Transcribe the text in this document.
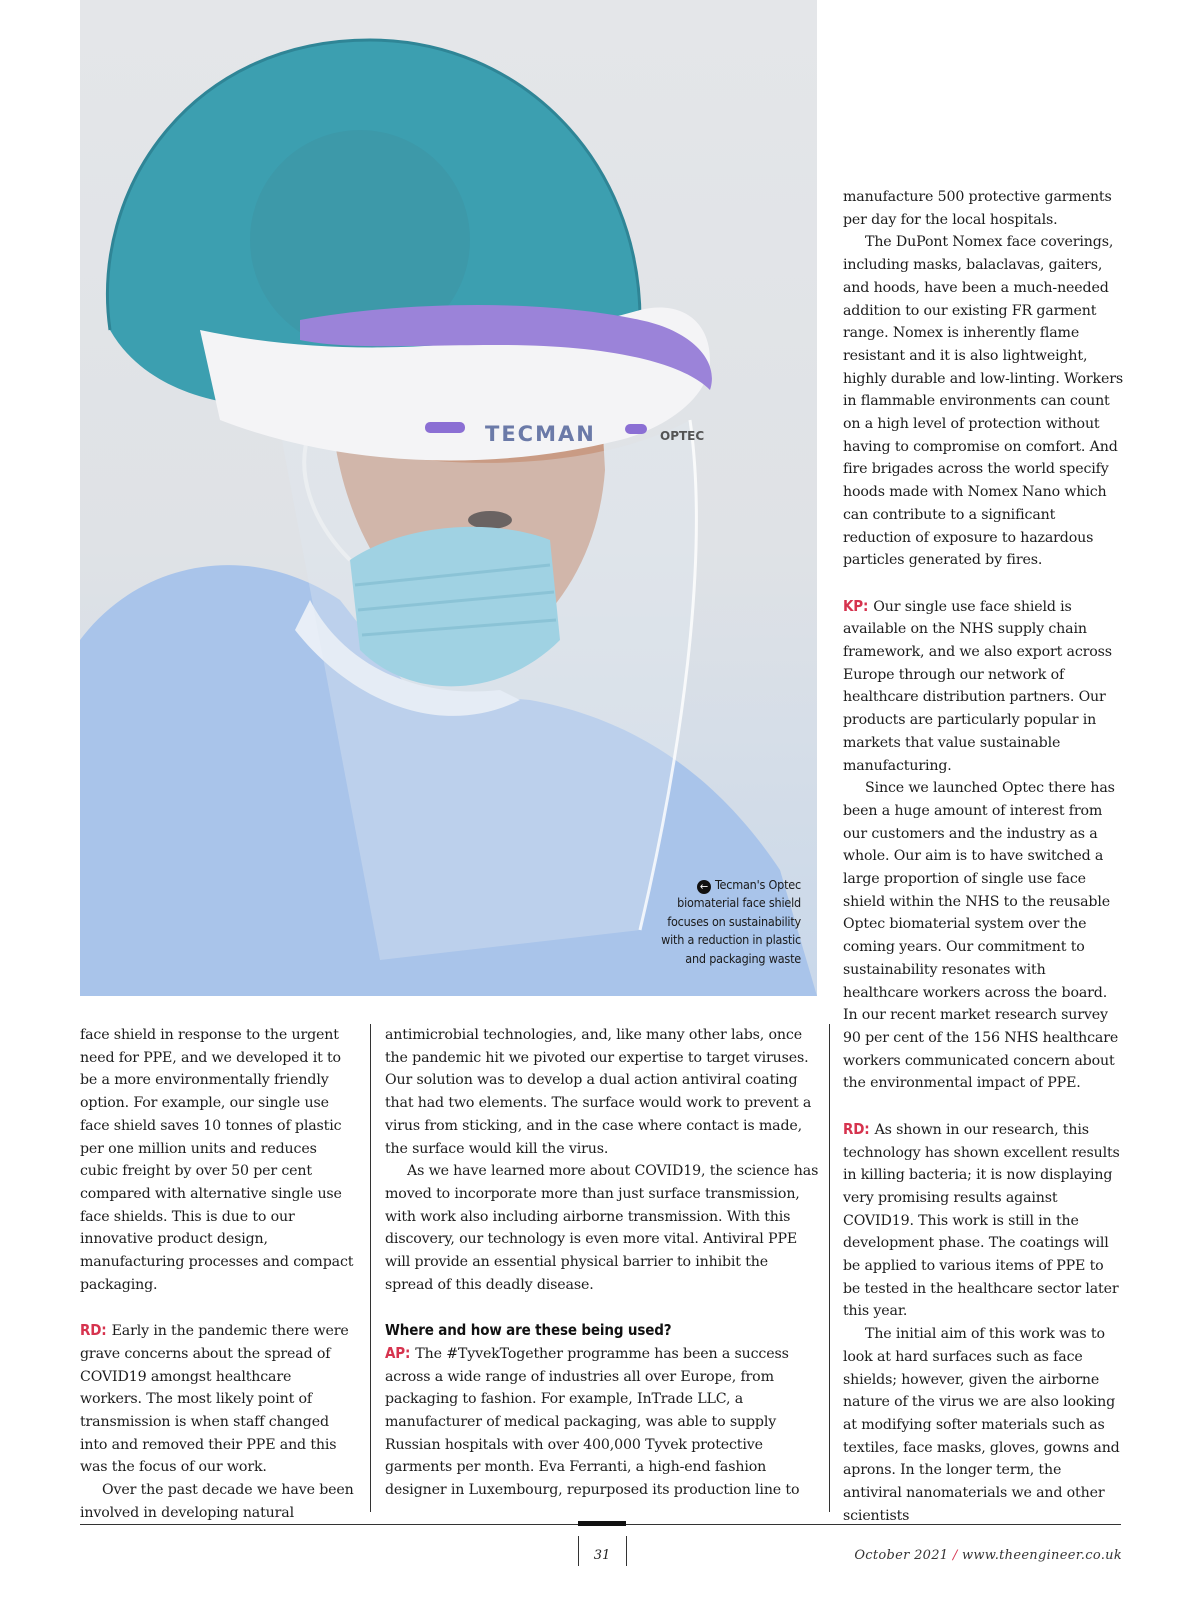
TECMAN	OPTEC
← Tecman's Optec
biomaterial face shield
focuses on sustainability
with a reduction in plastic
and packaging waste

face shield in response to the urgent need for PPE, and we developed it to be a more environmentally friendly option. For example, our single use face shield saves 10 tonnes of plastic per one million units and reduces cubic freight by over 50 per cent compared with alternative single use face shields. This is due to our innovative product design, manufacturing processes and compact packaging.

RD: Early in the pandemic there were grave concerns about the spread of COVID19 amongst healthcare workers. The most likely point of transmission is when staff changed into and removed their PPE and this was the focus of our work.

Over the past decade we have been involved in developing natural

antimicrobial technologies, and, like many other labs, once the pandemic hit we pivoted our expertise to target viruses. Our solution was to develop a dual action antiviral coating that had two elements. The surface would work to prevent a virus from sticking, and in the case where contact is made, the surface would kill the virus.

As we have learned more about COVID19, the science has moved to incorporate more than just surface transmission, with work also including airborne transmission. With this discovery, our technology is even more vital. Antiviral PPE will provide an essential physical barrier to inhibit the spread of this deadly disease.

Where and how are these being used?

AP: The #TyvekTogether programme has been a success across a wide range of industries all over Europe, from packaging to fashion. For example, InTrade LLC, a manufacturer of medical packaging, was able to supply Russian hospitals with over 400,000 Tyvek protective garments per month. Eva Ferranti, a high-end fashion designer in Luxembourg, repurposed its production line to

manufacture 500 protective garments per day for the local hospitals.

The DuPont Nomex face coverings, including masks, balaclavas, gaiters, and hoods, have been a much-needed addition to our existing FR garment range. Nomex is inherently flame resistant and it is also lightweight, highly durable and low-linting. Workers in flammable environments can count on a high level of protection without having to compromise on comfort. And fire brigades across the world specify hoods made with Nomex Nano which can contribute to a significant reduction of exposure to hazardous particles generated by fires.

KP: Our single use face shield is available on the NHS supply chain framework, and we also export across Europe through our network of healthcare distribution partners. Our products are particularly popular in markets that value sustainable manufacturing.

Since we launched Optec there has been a huge amount of interest from our customers and the industry as a whole. Our aim is to have switched a large proportion of single use face shield within the NHS to the reusable Optec biomaterial system over the coming years. Our commitment to sustainability resonates with healthcare workers across the board. In our recent market research survey 90 per cent of the 156 NHS healthcare workers communicated concern about the environmental impact of PPE.

RD: As shown in our research, this technology has shown excellent results in killing bacteria; it is now displaying very promising results against COVID19. This work is still in the development phase. The coatings will be applied to various items of PPE to be tested in the healthcare sector later this year.

The initial aim of this work was to look at hard surfaces such as face shields; however, given the airborne nature of the virus we are also looking at modifying softer materials such as textiles, face masks, gloves, gowns and aprons. In the longer term, the antiviral nanomaterials we and other scientists

31	October 2021 / www.theengineer.co.uk
